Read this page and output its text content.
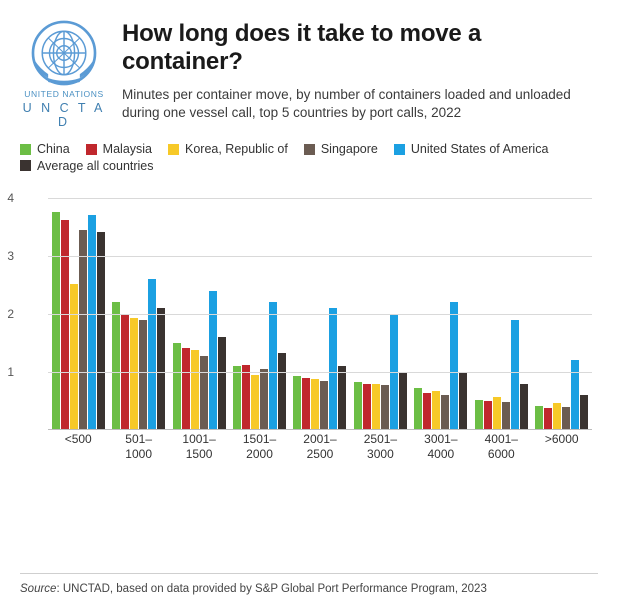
UNITED NATIONS
U N C T A D
How long does it take to move a container?

Minutes per container move, by number of containers loaded and unloaded during one vessel call, top 5 countries by port calls, 2022

China	Malaysia	Korea, Republic of	Singapore	United States of America
Average all countries
<500	501–
1000
1001–
1500
1501–
2000
2001–
2500
2501–
3000
3001–
4000
4001–
6000
>6000
1
2
3
4
Source: UNCTAD, based on data provided by S&P Global Port Performance Program, 2023
